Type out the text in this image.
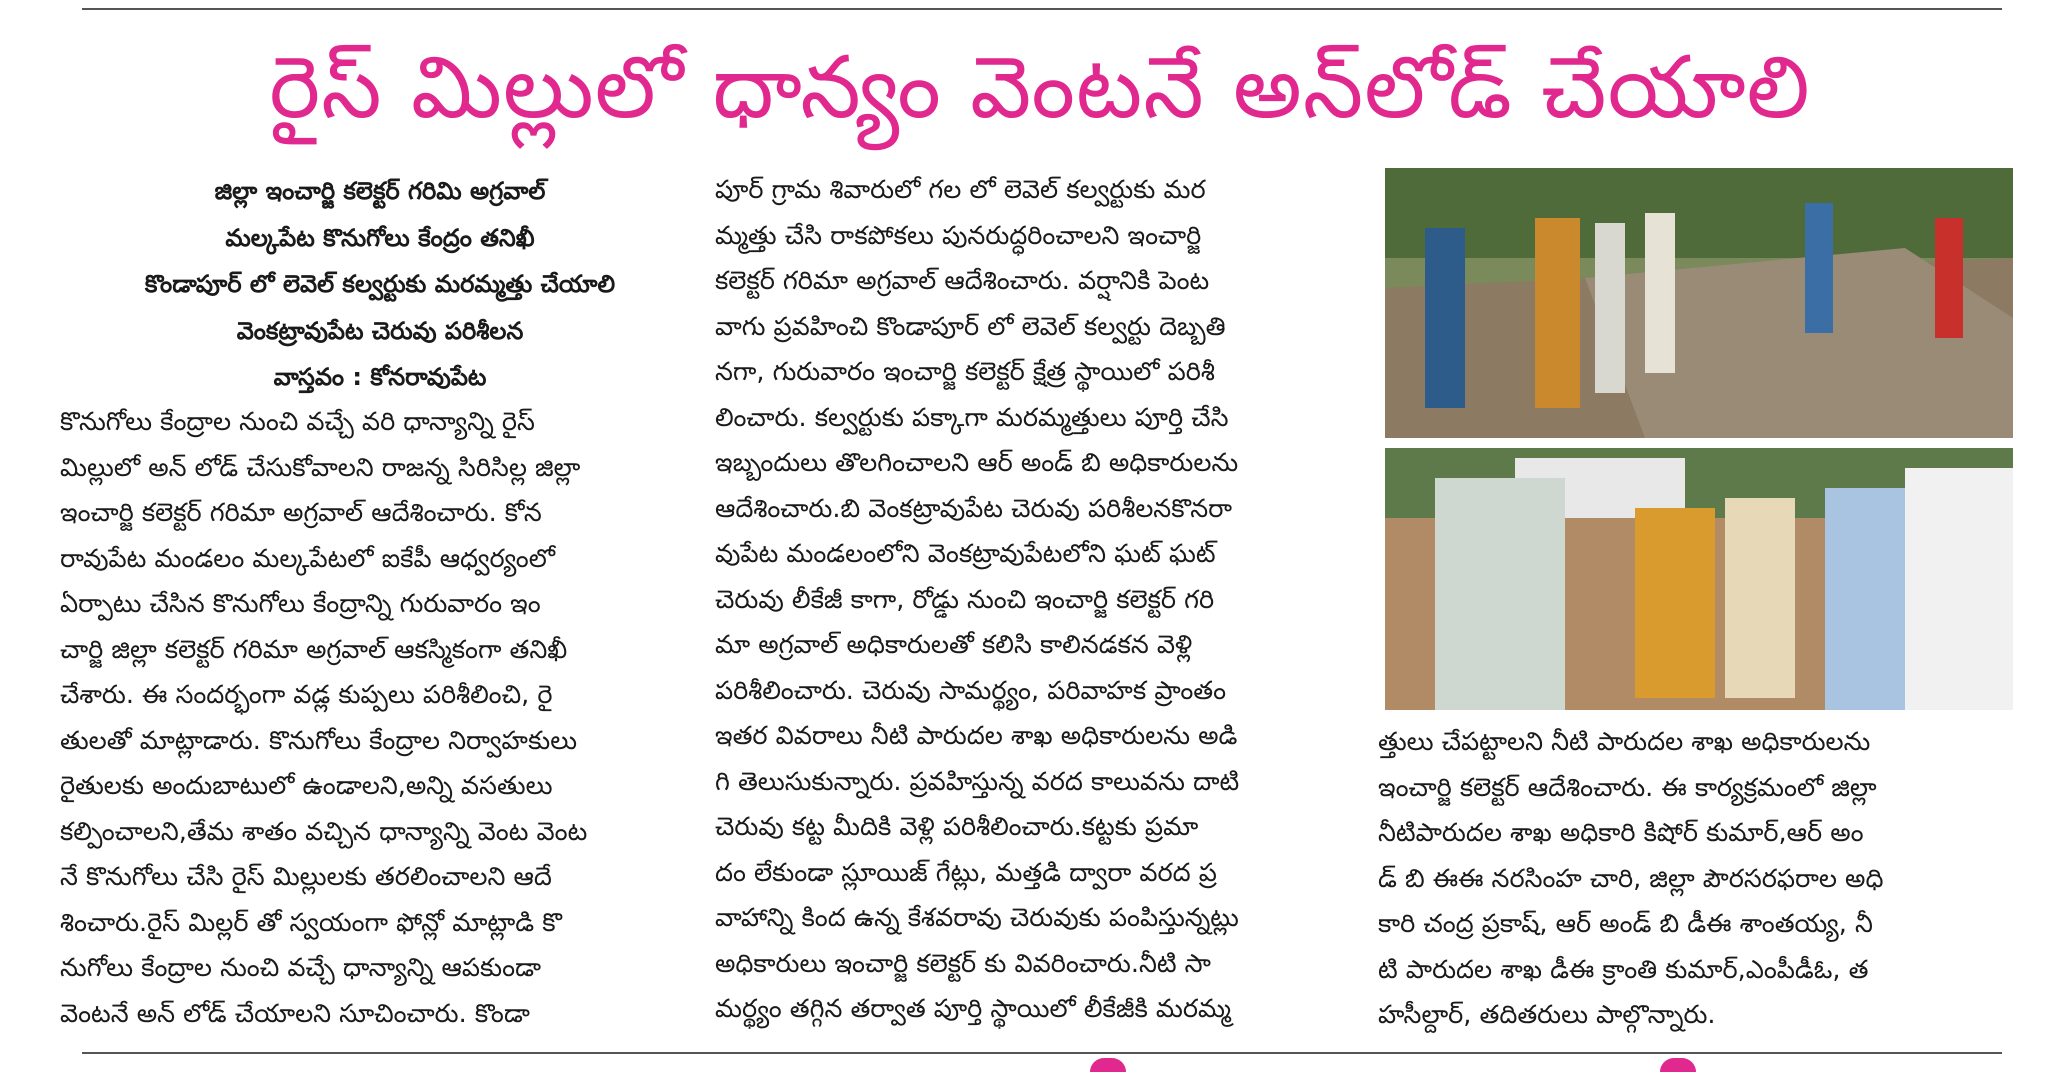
రైస్ మిల్లులో ధాన్యం వెంటనే అన్‌లోడ్ చేయాలి
జిల్లా ఇంచార్జి కలెక్టర్ గరిమి అగ్రవాల్
మల్కపేట కొనుగోలు కేంద్రం తనిఖీ
కొండాపూర్ లో లెవెల్ కల్వర్టుకు మరమ్మత్తు చేయాలి
వెంకట్రావుపేట చెరువు పరిశీలన
వాస్తవం : కోనరావుపేట
కొనుగోలు కేంద్రాల నుంచి వచ్చే వరి ధాన్యాన్ని రైస్
మిల్లులో అన్ లోడ్ చేసుకోవాలని రాజన్న సిరిసిల్ల జిల్లా
ఇంచార్జి కలెక్టర్ గరిమా అగ్రవాల్ ఆదేశించారు. కోన
రావుపేట మండలం మల్కపేటలో ఐకేపీ ఆధ్వర్యంలో
ఏర్పాటు చేసిన కొనుగోలు కేంద్రాన్ని గురువారం ఇం
చార్జి జిల్లా కలెక్టర్ గరిమా అగ్రవాల్ ఆకస్మికంగా తనిఖీ
చేశారు. ఈ సందర్భంగా వడ్ల కుప్పలు పరిశీలించి, రై
తులతో మాట్లాడారు. కొనుగోలు కేంద్రాల నిర్వాహకులు
రైతులకు అందుబాటులో ఉండాలని,అన్ని వసతులు
కల్పించాలని,తేమ శాతం వచ్చిన ధాన్యాన్ని వెంట వెంట
నే కొనుగోలు చేసి రైస్ మిల్లులకు తరలించాలని ఆదే
శించారు.రైస్ మిల్లర్ తో స్వయంగా ఫోన్లో మాట్లాడి కొ
నుగోలు కేంద్రాల నుంచి వచ్చే ధాన్యాన్ని ఆపకుండా
వెంటనే అన్ లోడ్ చేయాలని సూచించారు. కొండా
పూర్ గ్రామ శివారులో గల లో లెవెల్ కల్వర్టుకు మర
మ్మత్తు చేసి రాకపోకలు పునరుద్ధరించాలని ఇంచార్జి
కలెక్టర్ గరిమా అగ్రవాల్ ఆదేశించారు. వర్షానికి పెంట
వాగు ప్రవహించి కొండాపూర్ లో లెవెల్ కల్వర్టు దెబ్బతి
నగా, గురువారం ఇంచార్జి కలెక్టర్ క్షేత్ర స్థాయిలో పరిశీ
లించారు. కల్వర్టుకు పక్కాగా మరమ్మత్తులు పూర్తి చేసి
ఇబ్బందులు తొలగించాలని ఆర్ అండ్ బి అధికారులను
ఆదేశించారు.బి వెంకట్రావుపేట చెరువు పరిశీలనకొనరా
వుపేట మండలంలోని వెంకట్రావుపేటలోని ఘట్ ఘట్
చెరువు లీకేజీ కాగా, రోడ్డు నుంచి ఇంచార్జి కలెక్టర్ గరి
మా అగ్రవాల్ అధికారులతో కలిసి కాలినడకన వెళ్లి
పరిశీలించారు. చెరువు సామర్థ్యం, పరివాహక ప్రాంతం
ఇతర వివరాలు నీటి పారుదల శాఖ అధికారులను అడి
గి తెలుసుకున్నారు. ప్రవహిస్తున్న వరద కాలువను దాటి
చెరువు కట్ట మీదికి వెళ్లి పరిశీలించారు.కట్టకు ప్రమా
దం లేకుండా స్లూయిజ్ గేట్లు, మత్తడి ద్వారా వరద ప్ర
వాహాన్ని కింద ఉన్న కేశవరావు చెరువుకు పంపిస్తున్నట్లు
అధికారులు ఇంచార్జి కలెక్టర్ కు వివరించారు.నీటి సా
మర్థ్యం తగ్గిన తర్వాత పూర్తి స్థాయిలో లీకేజీకి మరమ్మ
త్తులు చేపట్టాలని నీటి పారుదల శాఖ అధికారులను
ఇంచార్జి కలెక్టర్ ఆదేశించారు. ఈ కార్యక్రమంలో జిల్లా
నీటిపారుదల శాఖ అధికారి కిషోర్ కుమార్,ఆర్ అం
డ్ బి ఈఈ నరసింహ చారి, జిల్లా పౌరసరఫరాల అధి
కారి చంద్ర ప్రకాష్, ఆర్ అండ్ బి డీఈ శాంతయ్య, నీ
టి పారుదల శాఖ డీఈ క్రాంతి కుమార్,ఎంపీడీఓ, త
హసీల్దార్, తదితరులు పాల్గొన్నారు.
